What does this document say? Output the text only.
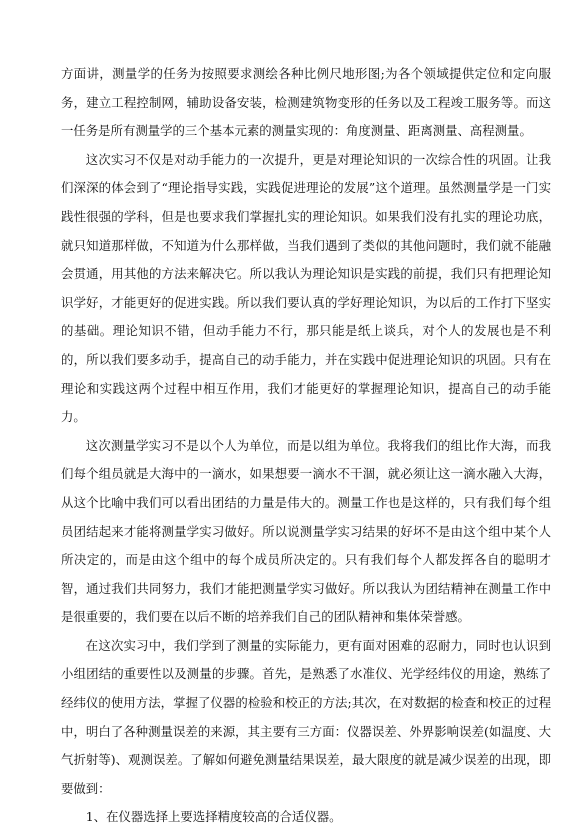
方面讲，测量学的任务为按照要求测绘各种比例尺地形图;为各个领域提供定位和定向服务，建立工程控制网，辅助设备安装，检测建筑物变形的任务以及工程竣工服务等。而这一任务是所有测量学的三个基本元素的测量实现的：角度测量、距离测量、高程测量。

这次实习不仅是对动手能力的一次提升，更是对理论知识的一次综合性的巩固。让我们深深的体会到了“理论指导实践，实践促进理论的发展”这个道理。虽然测量学是一门实践性很强的学科，但是也要求我们掌握扎实的理论知识。如果我们没有扎实的理论功底，就只知道那样做，不知道为什么那样做，当我们遇到了类似的其他问题时，我们就不能融会贯通，用其他的方法来解决它。所以我认为理论知识是实践的前提，我们只有把理论知识学好，才能更好的促进实践。所以我们要认真的学好理论知识，为以后的工作打下坚实的基础。理论知识不错，但动手能力不行，那只能是纸上谈兵，对个人的发展也是不利的，所以我们要多动手，提高自己的动手能力，并在实践中促进理论知识的巩固。只有在理论和实践这两个过程中相互作用，我们才能更好的掌握理论知识，提高自己的动手能力。

这次测量学实习不是以个人为单位，而是以组为单位。我将我们的组比作大海，而我们每个组员就是大海中的一滴水，如果想要一滴水不干涸，就必须让这一滴水融入大海，从这个比喻中我们可以看出团结的力量是伟大的。测量工作也是这样的，只有我们每个组员团结起来才能将测量学实习做好。所以说测量学实习结果的好坏不是由这个组中某个人所决定的，而是由这个组中的每个成员所决定的。只有我们每个人都发挥各自的聪明才智，通过我们共同努力，我们才能把测量学实习做好。所以我认为团结精神在测量工作中是很重要的，我们要在以后不断的培养我们自己的团队精神和集体荣誉感。

在这次实习中，我们学到了测量的实际能力，更有面对困难的忍耐力，同时也认识到小组团结的重要性以及测量的步骤。首先，是熟悉了水准仪、光学经纬仪的用途，熟练了经纬仪的使用方法，掌握了仪器的检验和校正的方法;其次，在对数据的检查和校正的过程中，明白了各种测量误差的来源，其主要有三方面：仪器误差、外界影响误差(如温度、大气折射等)、观测误差。了解如何避免测量结果误差，最大限度的就是减少误差的出现，即要做到：

1、在仪器选择上要选择精度较高的合适仪器。
